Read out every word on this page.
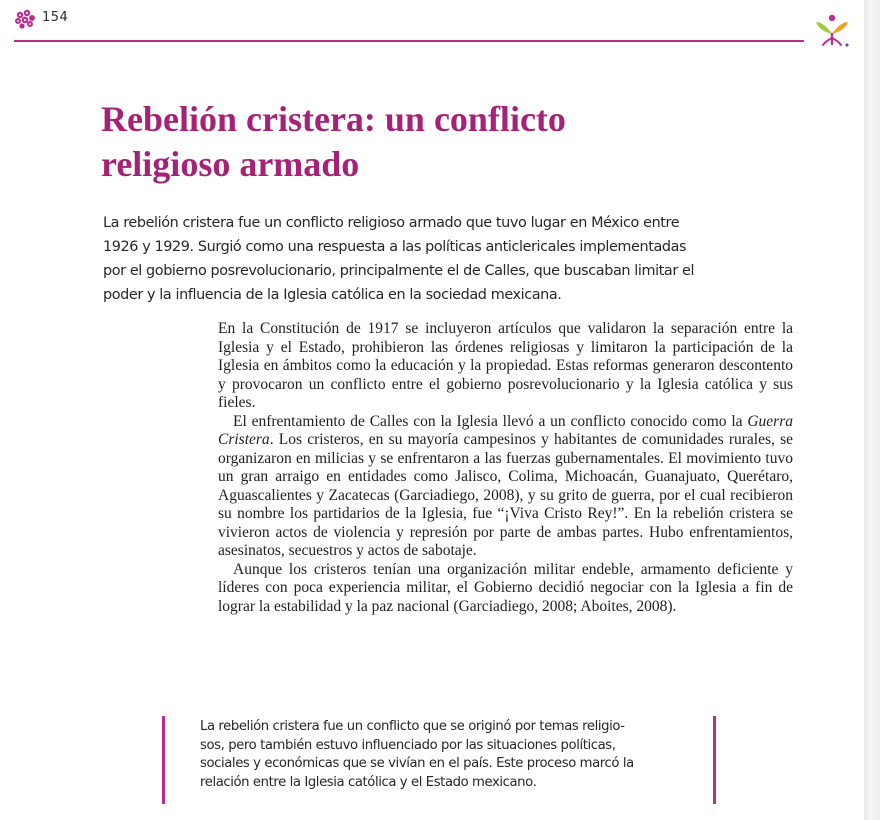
154
Rebelión cristera: un conflicto
religioso armado
La rebelión cristera fue un conflicto religioso armado que tuvo lugar en México entre
1926 y 1929. Surgió como una respuesta a las políticas anticlericales implementadas
por el gobierno posrevolucionario, principalmente el de Calles, que buscaban limitar el
poder y la influencia de la Iglesia católica en la sociedad mexicana.

En la Constitución de 1917 se incluyeron artículos que validaron la separación entre la Iglesia y el Estado, prohibieron las órdenes religiosas y limitaron la participación de la Iglesia en ámbitos como la educación y la propiedad. Estas reformas generaron descontento y provocaron un conflicto entre el gobierno posrevolucionario y la Iglesia católica y sus fieles.

El enfrentamiento de Calles con la Iglesia llevó a un conflicto conocido como la Guerra Cristera. Los cristeros, en su mayoría campesinos y habitantes de comunidades rurales, se organizaron en milicias y se enfrentaron a las fuerzas gubernamentales. El movimiento tuvo un gran arraigo en entidades como Jalisco, Colima, Michoacán, Guanajuato, Querétaro, Aguascalientes y Zacatecas (Garciadiego, 2008), y su grito de guerra, por el cual recibieron su nombre los partidarios de la Iglesia, fue “¡Viva Cristo Rey!”. En la rebelión cristera se vivieron actos de violencia y represión por parte de ambas partes. Hubo enfrentamientos, asesinatos, secuestros y actos de sabotaje.

Aunque los cristeros tenían una organización militar endeble, armamento deficiente y líderes con poca experiencia militar, el Gobierno decidió negociar con la Iglesia a fin de lograr la estabilidad y la paz nacional (Garciadiego, 2008; Aboites, 2008).

La rebelión cristera fue un conflicto que se originó por temas religio-
sos, pero también estuvo influenciado por las situaciones políticas,
sociales y económicas que se vivían en el país. Este proceso marcó la
relación entre la Iglesia católica y el Estado mexicano.
